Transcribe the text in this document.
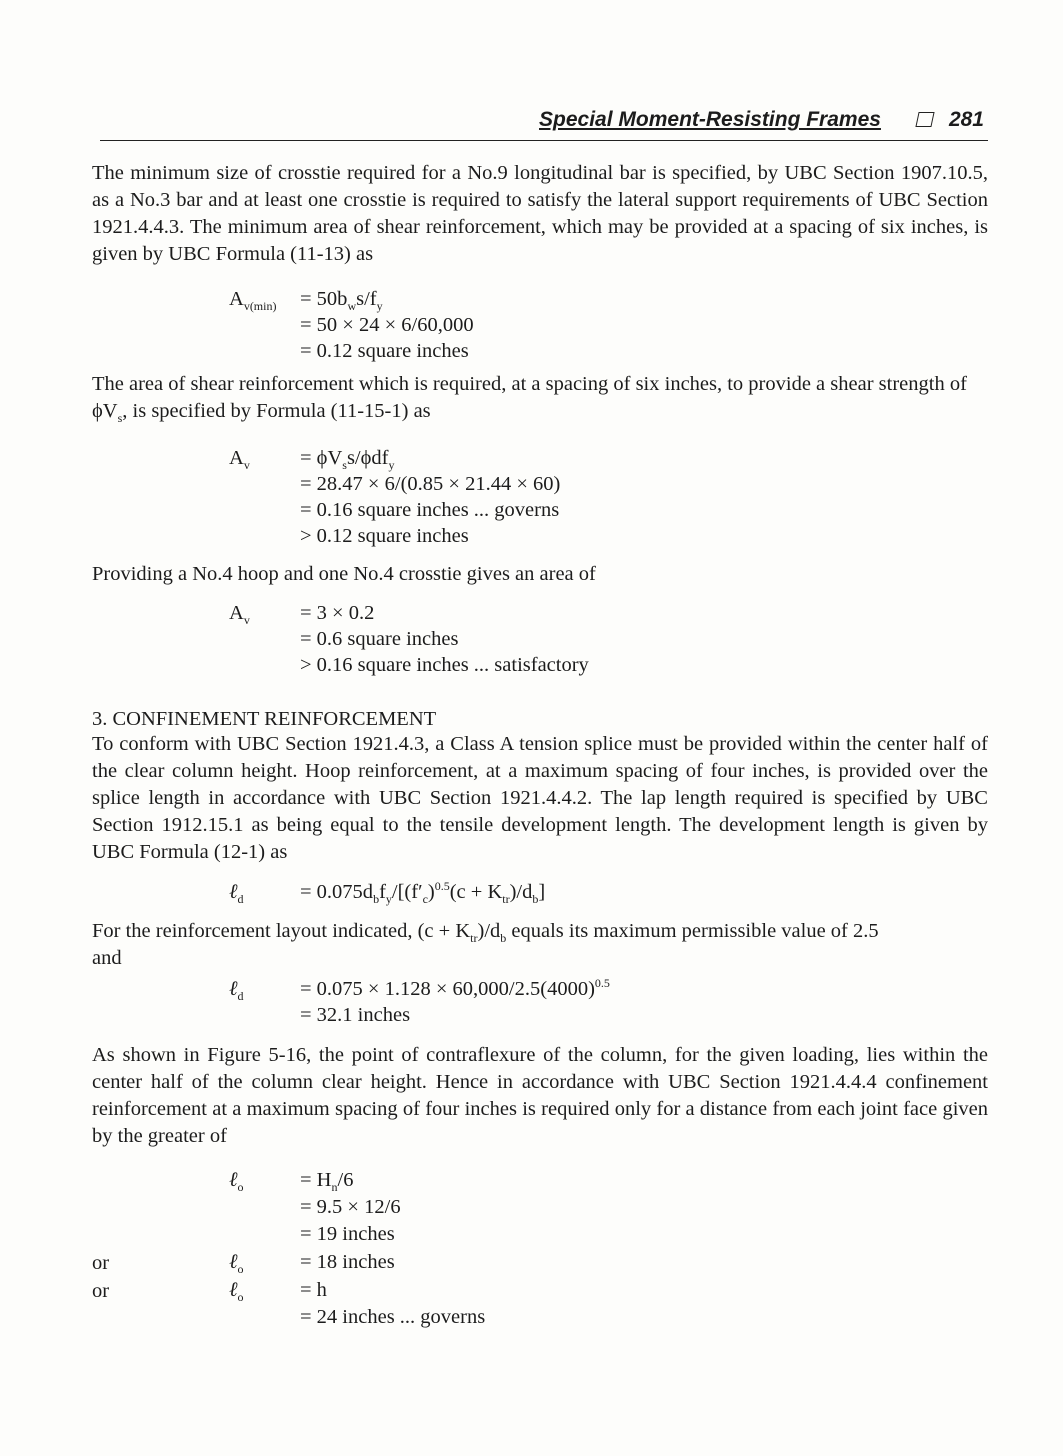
Special Moment-Resisting Frames	281

The minimum size of crosstie required for a No.9 longitudinal bar is specified, by UBC Section 1907.10.5, as a No.3 bar and at least one crosstie is required to satisfy the lateral support requirements of UBC Section 1921.4.4.3. The minimum area of shear reinforcement, which may be provided at a spacing of six inches, is given by UBC Formula (11-13) as

$A_{v(min)} = 50b_ws/f_y$
= 50 × 24 × 6/60,000
= 0.12 square inches

The area of shear reinforcement which is required, at a spacing of six inches, to provide a shear strength of $\phi V_s$, is specified by Formula (11-15-1) as

$A_v = \phi V_ss/\phi df_y$
= 28.47 × 6/(0.85 × 21.44 × 60)
= 0.16 square inches ... governs
> 0.12 square inches

Providing a No.4 hoop and one No.4 crosstie gives an area of

$A_v = 3 \times 0.2$
= 0.6 square inches
> 0.16 square inches ... satisfactory

3. CONFINEMENT REINFORCEMENT

To conform with UBC Section 1921.4.3, a Class A tension splice must be provided within the center half of the clear column height. Hoop reinforcement, at a maximum spacing of four inches, is provided over the splice length in accordance with UBC Section 1921.4.4.2. The lap length required is specified by UBC Section 1912.15.1 as being equal to the tensile development length. The development length is given by UBC Formula (12-1) as

ℓ$_d$	= $0.075d_bf_y/[(f'_c)^{0.5}(c + K_{tr})/d_b]$

For the reinforcement layout indicated, $(c + K_{tr})/d_b$ equals its maximum permissible value of 2.5
and

ℓ$_d$	= $0.075 \times 1.128 \times 60,000/2.5(4000)^{0.5}$
= 32.1 inches

As shown in Figure 5-16, the point of contraflexure of the column, for the given loading, lies within the center half of the column clear height. Hence in accordance with UBC Section 1921.4.4.4 confinement reinforcement at a maximum spacing of four inches is required only for a distance from each joint face given by the greater of

ℓ$_o$	= $H_n/6$
= 9.5 × 12/6
= 19 inches
or	ℓ$_o$	= 18 inches
or	ℓ$_o$	= h
= 24 inches ... governs
